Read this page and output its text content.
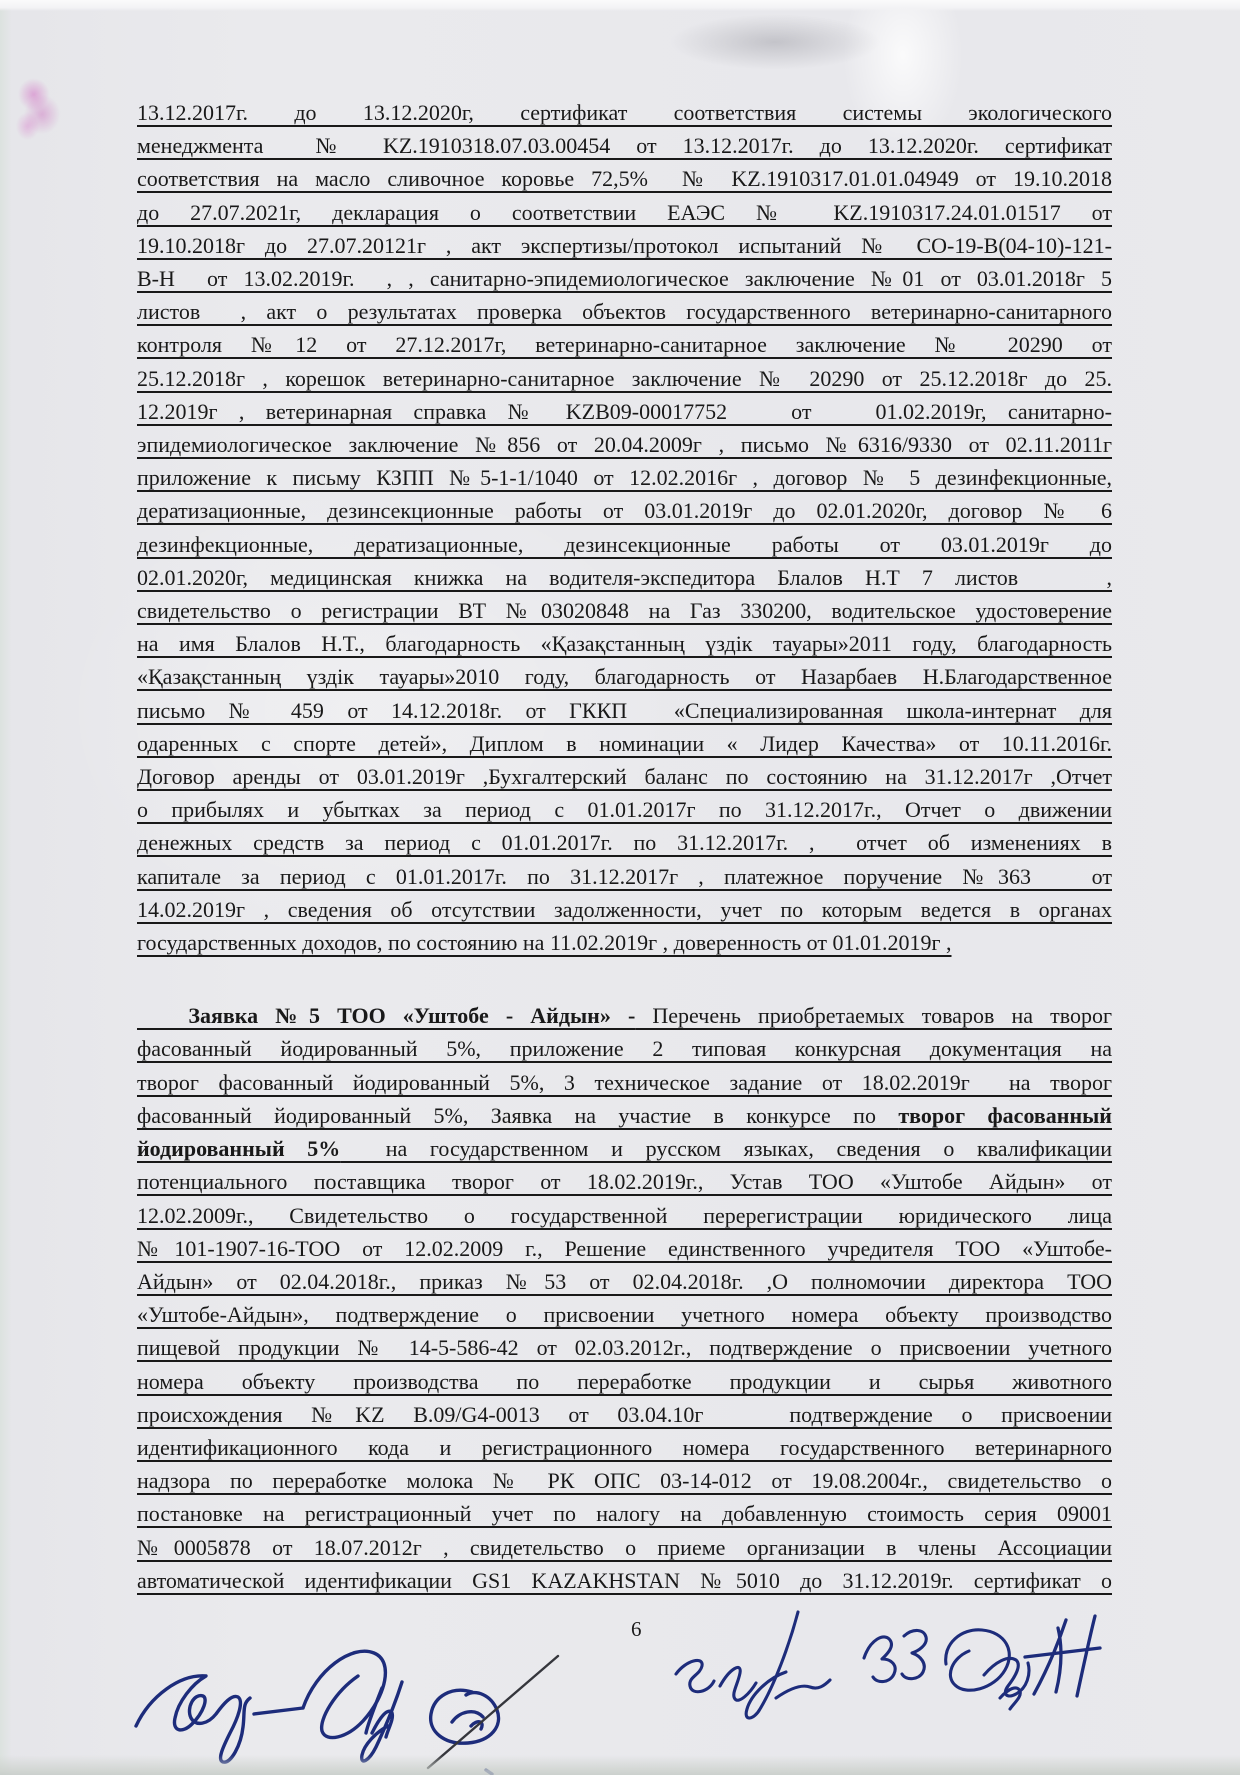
13.12.2017г. до 13.12.2020г, сертификат соответствия системы экологического
менеджмента  № KZ.1910318.07.03.00454 от 13.12.2017г. до 13.12.2020г. сертификат
соответствия на масло сливочное коровье 72,5%  № KZ.1910317.01.01.04949 от 19.10.2018
до 27.07.2021г, декларация о соответствии ЕАЭС № KZ.1910317.24.01.01517 от
19.10.2018г до 27.07.20121г , акт экспертизы/протокол испытаний № СО-19-В(04-10)-121-
В-Н  от 13.02.2019г.  , , санитарно-эпидемиологическое заключение №01 от 03.01.2018г 5
листов  , акт о результатах проверка объектов государственного ветеринарно-санитарного
контроля №12 от 27.12.2017г, ветеринарно-санитарное заключение № 20290 от
25.12.2018г , корешок ветеринарно-санитарное заключение № 20290 от 25.12.2018г до 25.
12.2019г , ветеринарная справка № KZB09-00017752   от   01.02.2019г, санитарно-
эпидемиологическое заключение №856 от 20.04.2009г , письмо №6316/9330 от 02.11.2011г
приложение к письму КЗПП №5-1-1/1040 от 12.02.2016г , договор № 5 дезинфекционные,
дератизационные, дезинсекционные работы от 03.01.2019г до 02.01.2020г, договор № 6
дезинфекционные, дератизационные, дезинсекционные работы от 03.01.2019г до
02.01.2020г, медицинская книжка на водителя-экспедитора Блалов Н.Т 7 листов    ,
свидетельство о регистрации ВТ №03020848 на Газ 330200, водительское удостоверение
на имя Блалов Н.Т., благодарность «Қазақстанның үздік тауары»2011 году, благодарность
«Қазақстанның үздік тауары»2010 году, благодарность от Назарбаев Н.Благодарственное
письмо № 459 от 14.12.2018г. от ГККП  «Специализированная школа-интернат для
одаренных с спорте детей», Диплом в номинации « Лидер Качества» от 10.11.2016г.
Договор аренды от 03.01.2019г ,Бухгалтерский баланс по состоянию на 31.12.2017г ,Отчет
о прибылях и убытках за период с 01.01.2017г по 31.12.2017г., Отчет о движении
денежных средств за период с 01.01.2017г. по 31.12.2017г. ,  отчет об изменениях в
капитале за период с 01.01.2017г. по 31.12.2017г , платежное поручение №363   от
14.02.2019г , сведения об отсутствии задолженности, учет по которым ведется в органах
государственных доходов, по состоянию на 11.02.2019г , доверенность от 01.01.2019г ,
Заявка №5 ТОО «Уштобе - Айдын» - Перечень приобретаемых товаров на творог
фасованный йодированный 5%, приложение 2 типовая конкурсная документация на
творог фасованный йодированный 5%, 3 техническое задание от 18.02.2019г  на творог
фасованный йодированный 5%, Заявка на участие в конкурсе по творог фасованный
йодированный 5%  на государственном и русском языках, сведения о квалификации
потенциального поставщика творог от 18.02.2019г., Устав ТОО «Уштобе Айдын» от
12.02.2009г., Свидетельство о государственной перерегистрации юридического лица
№101-1907-16-ТОО от 12.02.2009 г., Решение единственного учредителя ТОО «Уштобе-
Айдын» от 02.04.2018г., приказ №53 от 02.04.2018г. ,О полномочии директора ТОО
«Уштобе-Айдын», подтверждение о присвоении учетного номера объекту производство
пищевой продукции № 14-5-586-42 от 02.03.2012г., подтверждение о присвоении учетного
номера объекту производства по переработке продукции и сырья животного
происхождения №KZ В.09/G4-0013 от 03.04.10г   подтверждение о присвоении
идентификационного кода и регистрационного номера государственного ветеринарного
надзора по переработке молока № РК ОПС 03-14-012 от 19.08.2004г., свидетельство о
постановке на регистрационный учет по налогу на добавленную стоимость серия 09001
№0005878 от 18.07.2012г , свидетельство о приеме организации в члены Ассоциации
автоматической идентификации GS1 KAZAKHSTAN №5010 до 31.12.2019г. сертификат о
6
